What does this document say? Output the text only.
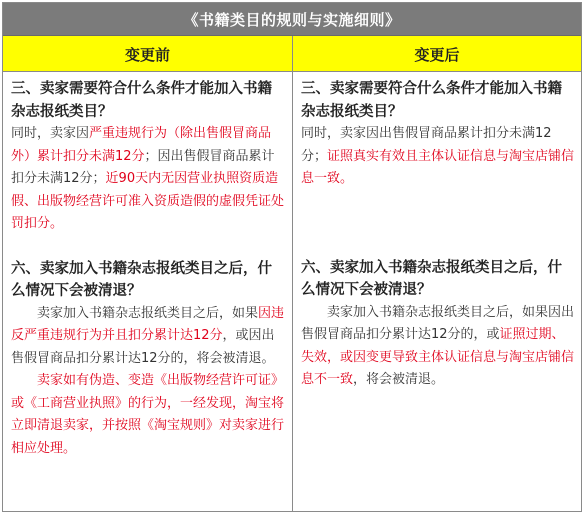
《书籍类目的规则与实施细则》
变更前	变更后
三、卖家需要符合什么条件才能加入书籍杂志报纸类目？
同时，卖家因严重违规行为（除出售假冒商品外）累计扣分未满12分；因出售假冒商品累计扣分未满12分；近90天内无因营业执照资质造假、出版物经营许可准入资质造假的虚假凭证处罚扣分。
六、卖家加入书籍杂志报纸类目之后，什么情况下会被清退？
卖家加入书籍杂志报纸类目之后，如果因违反严重违规行为并且扣分累计达12分，或因出售假冒商品扣分累计达12分的，将会被清退。
卖家如有伪造、变造《出版物经营许可证》或《工商营业执照》的行为，一经发现，淘宝将立即清退卖家，并按照《淘宝规则》对卖家进行相应处理。
三、卖家需要符合什么条件才能加入书籍杂志报纸类目？
同时，卖家因出售假冒商品累计扣分未满12分；证照真实有效且主体认证信息与淘宝店铺信息一致。
六、卖家加入书籍杂志报纸类目之后，什么情况下会被清退？
卖家加入书籍杂志报纸类目之后，如果因出售假冒商品扣分累计达12分的，或证照过期、失效，或因变更导致主体认证信息与淘宝店铺信息不一致，将会被清退。
